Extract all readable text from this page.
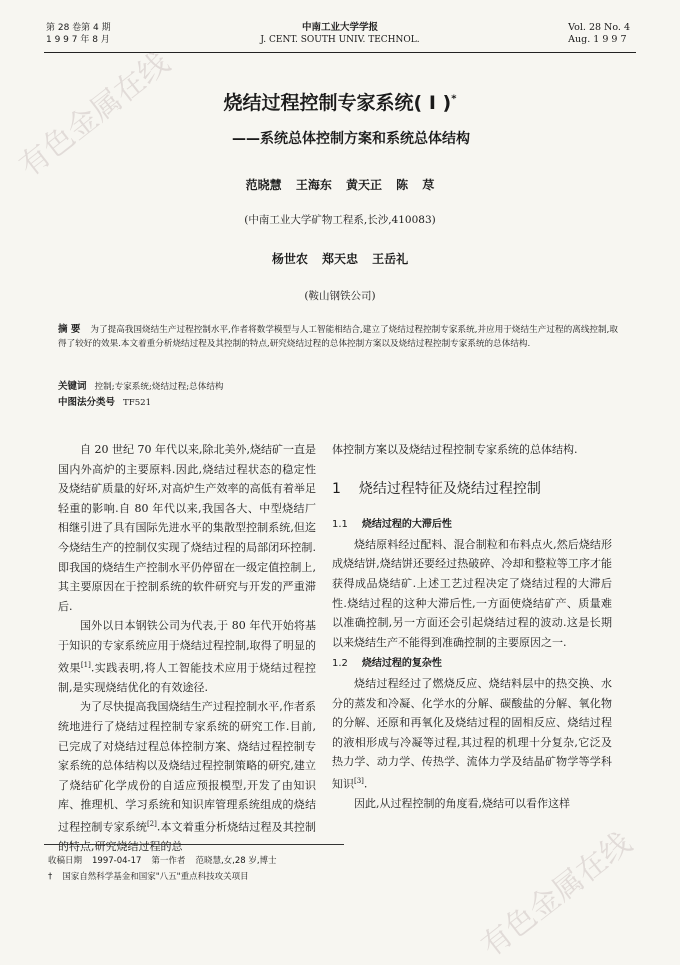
第 28 卷第 4 期
1 9 9 7 年 8 月
中南工业大学学报
J. CENT. SOUTH UNIV. TECHNOL.
Vol. 28 No. 4
Aug. 1 9 9 7
烧结过程控制专家系统( I )*
——系统总体控制方案和系统总体结构
范晓慧 王海东 黄天正 陈 荩
(中南工业大学矿物工程系,长沙,410083)
杨世农 郑天忠 王岳礼
(鞍山钢铁公司)
摘 要 为了提高我国烧结生产过程控制水平,作者将数学模型与人工智能相结合,建立了烧结过程控制专家系统,并应用于烧结生产过程的离线控制,取得了较好的效果.本文着重分析烧结过程及其控制的特点,研究烧结过程的总体控制方案以及烧结过程控制专家系统的总体结构.
关键词 控制;专家系统;烧结过程;总体结构
中图法分类号 TF521

自 20 世纪 70 年代以来,除北美外,烧结矿一直是国内外高炉的主要原料.因此,烧结过程状态的稳定性及烧结矿质量的好坏,对高炉生产效率的高低有着举足轻重的影响.自 80 年代以来,我国各大、中型烧结厂相继引进了具有国际先进水平的集散型控制系统,但迄今烧结生产的控制仅实现了烧结过程的局部闭环控制.即我国的烧结生产控制水平仍停留在一级定值控制上,其主要原因在于控制系统的软件研究与开发的严重滞后.

国外以日本钢铁公司为代表,于 80 年代开始将基于知识的专家系统应用于烧结过程控制,取得了明显的效果[1].实践表明,将人工智能技术应用于烧结过程控制,是实现烧结优化的有效途径.

为了尽快提高我国烧结生产过程控制水平,作者系统地进行了烧结过程控制专家系统的研究工作.目前,已完成了对烧结过程总体控制方案、烧结过程控制专家系统的总体结构以及烧结过程控制策略的研究,建立了烧结矿化学成份的自适应预报模型,开发了由知识库、推理机、学习系统和知识库管理系统组成的烧结过程控制专家系统[2].本文着重分析烧结过程及其控制的特点,研究烧结过程的总

体控制方案以及烧结过程控制专家系统的总体结构.

1 烧结过程特征及烧结过程控制
1.1 烧结过程的大滞后性

烧结原料经过配料、混合制粒和布料点火,然后烧结形成烧结饼,烧结饼还要经过热破碎、冷却和整粒等工序才能获得成品烧结矿.上述工艺过程决定了烧结过程的大滞后性.烧结过程的这种大滞后性,一方面使烧结矿产、质量难以准确控制,另一方面还会引起烧结过程的波动.这是长期以来烧结生产不能得到准确控制的主要原因之一.

1.2 烧结过程的复杂性

烧结过程经过了燃烧反应、烧结料层中的热交换、水分的蒸发和冷凝、化学水的分解、碳酸盐的分解、氧化物的分解、还原和再氧化及烧结过程的固相反应、烧结过程的液相形成与冷凝等过程,其过程的机理十分复杂,它泛及热力学、动力学、传热学、流体力学及结晶矿物学等学科知识[3].

因此,从过程控制的角度看,烧结可以看作这样

收稿日期 1997-04-17 第一作者 范晓慧,女,28 岁,博士
† 国家自然科学基金和国家"八五"重点科技攻关项目
有色金属在线
有色金属在线
